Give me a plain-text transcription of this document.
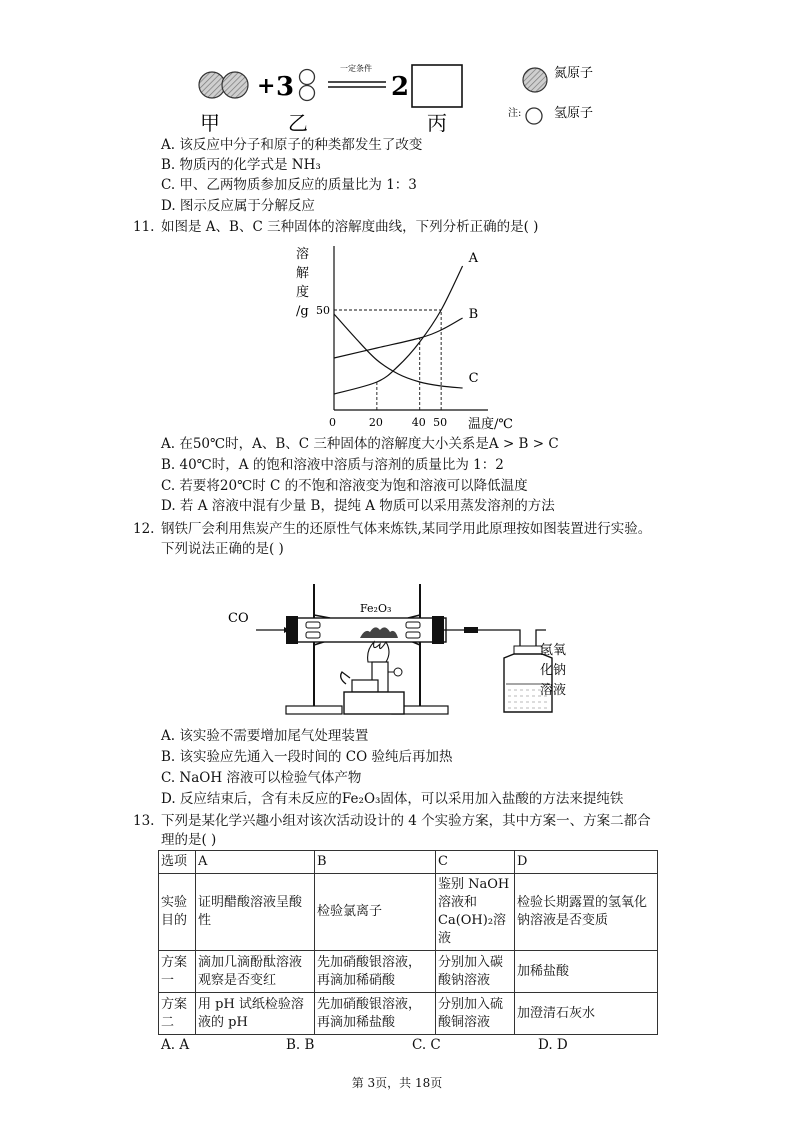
+ 3
一定条件
2
甲	乙	丙
氮原子
注:	氢原子
A. 该反应中分子和原子的种类都发生了改变
B. 物质丙的化学式是 NH₃
C. 甲、乙两物质参加反应的质量比为 1：3
D. 图示反应属于分解反应
11. 如图是 A、B、C 三种固体的溶解度曲线，下列分析正确的是( )
溶
解
度
/g
温度/℃
0	20	40 50
50
A
B
C
A. 在50℃时，A、B、C 三种固体的溶解度大小关系是A > B > C
B. 40℃时，A 的饱和溶液中溶质与溶剂的质量比为 1：2
C. 若要将20℃时 C 的不饱和溶液变为饱和溶液可以降低温度
D. 若 A 溶液中混有少量 B，提纯 A 物质可以采用蒸发溶剂的方法
12. 钢铁厂会利用焦炭产生的还原性气体来炼铁,某同学用此原理按如图装置进行实验。
下列说法正确的是( )
CO
Fe₂O₃
氢氧
化钠
溶液
A. 该实验不需要增加尾气处理装置
B. 该实验应先通入一段时间的 CO 验纯后再加热
C. NaOH 溶液可以检验气体产物
D. 反应结束后，含有未反应的Fe₂O₃固体，可以采用加入盐酸的方法来提纯铁
13. 下列是某化学兴趣小组对该次活动设计的 4 个实验方案，其中方案一、方案二都合
理的是( )
选项	A	B	C	D
实验目的	证明醋酸溶液呈酸性	检验氯离子	鉴别 NaOH 溶液和Ca(OH)₂溶液	检验长期露置的氢氧化钠溶液是否变质
方案一	滴加几滴酚酞溶液观察是否变红	先加硝酸银溶液，再滴加稀硝酸	分别加入碳酸钠溶液	加稀盐酸
方案二	用 pH 试纸检验溶液的 pH	先加硝酸银溶液，再滴加稀盐酸	分别加入硫酸铜溶液	加澄清石灰水
A. A	B. B	C. C	D. D
第 3页，共 18页
